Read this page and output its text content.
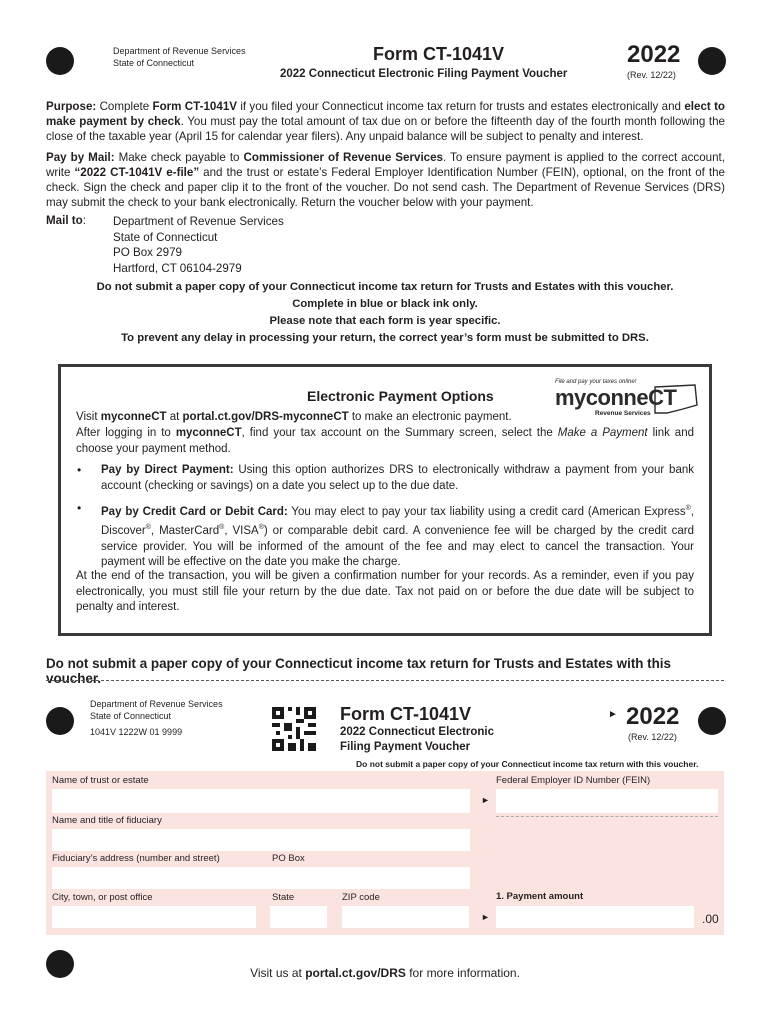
Department of Revenue Services
State of Connecticut	Form CT-1041V
2022 Connecticut Electronic Filing Payment Voucher
2022
(Rev. 12/22)

Purpose: Complete Form CT-1041V if you filed your Connecticut income tax return for trusts and estates electronically and elect to make payment by check. You must pay the total amount of tax due on or before the fifteenth day of the fourth month following the close of the taxable year (April 15 for calendar year filers). Any unpaid balance will be subject to penalty and interest.

Pay by Mail: Make check payable to Commissioner of Revenue Services. To ensure payment is applied to the correct account, write “2022 CT-1041V e-file” and the trust or estate’s Federal Employer Identification Number (FEIN), optional, on the front of the check. Sign the check and paper clip it to the front of the voucher. Do not send cash. The Department of Revenue Services (DRS) may submit the check to your bank electronically. Return the voucher below with your payment.

Mail to: Department of Revenue Services
State of Connecticut
PO Box 2979
Hartford, CT 06104-2979
Do not submit a paper copy of your Connecticut income tax return for Trusts and Estates with this voucher.
Complete in blue or black ink only.
Please note that each form is year specific.
To prevent any delay in processing your return, the correct year’s form must be submitted to DRS.
Electronic Payment Options
File and pay your taxes online!
myconneCT
Revenue Services

Visit myconneCT at portal.ct.gov/DRS-myconneCT to make an electronic payment.

After logging in to myconneCT, find your tax account on the Summary screen, select the Make a Payment link and choose your payment method.

• Pay by Direct Payment: Using this option authorizes DRS to electronically withdraw a payment from your bank account (checking or savings) on a date you select up to the due date.

• Pay by Credit Card or Debit Card: You may elect to pay your tax liability using a credit card (American Express®, Discover®, MasterCard®, VISA®) or comparable debit card. A convenience fee will be charged by the credit card service provider. You will be informed of the amount of the fee and may elect to cancel the transaction. Your payment will be effective on the date you make the charge.

At the end of the transaction, you will be given a confirmation number for your records. As a reminder, even if you pay electronically, you must still file your return by the due date. Tax not paid on or before the due date will be subject to penalty and interest.

Do not submit a paper copy of your Connecticut income tax return for Trusts and Estates with this voucher.
Department of Revenue Services
State of Connecticut
1041V 1222W 01 9999
Form CT-1041V
2022 Connecticut Electronic
Filing Payment Voucher
► 2022
(Rev. 12/22)
Do not submit a paper copy of your Connecticut income tax return with this voucher.
Name of trust or estate
►
Federal Employer ID Number (FEIN)
Name and title of fiduciary
Fiduciary’s address (number and street)	PO Box
City, town, or post office	State	ZIP code	1. Payment amount
►	.00
Visit us at portal.ct.gov/DRS for more information.
